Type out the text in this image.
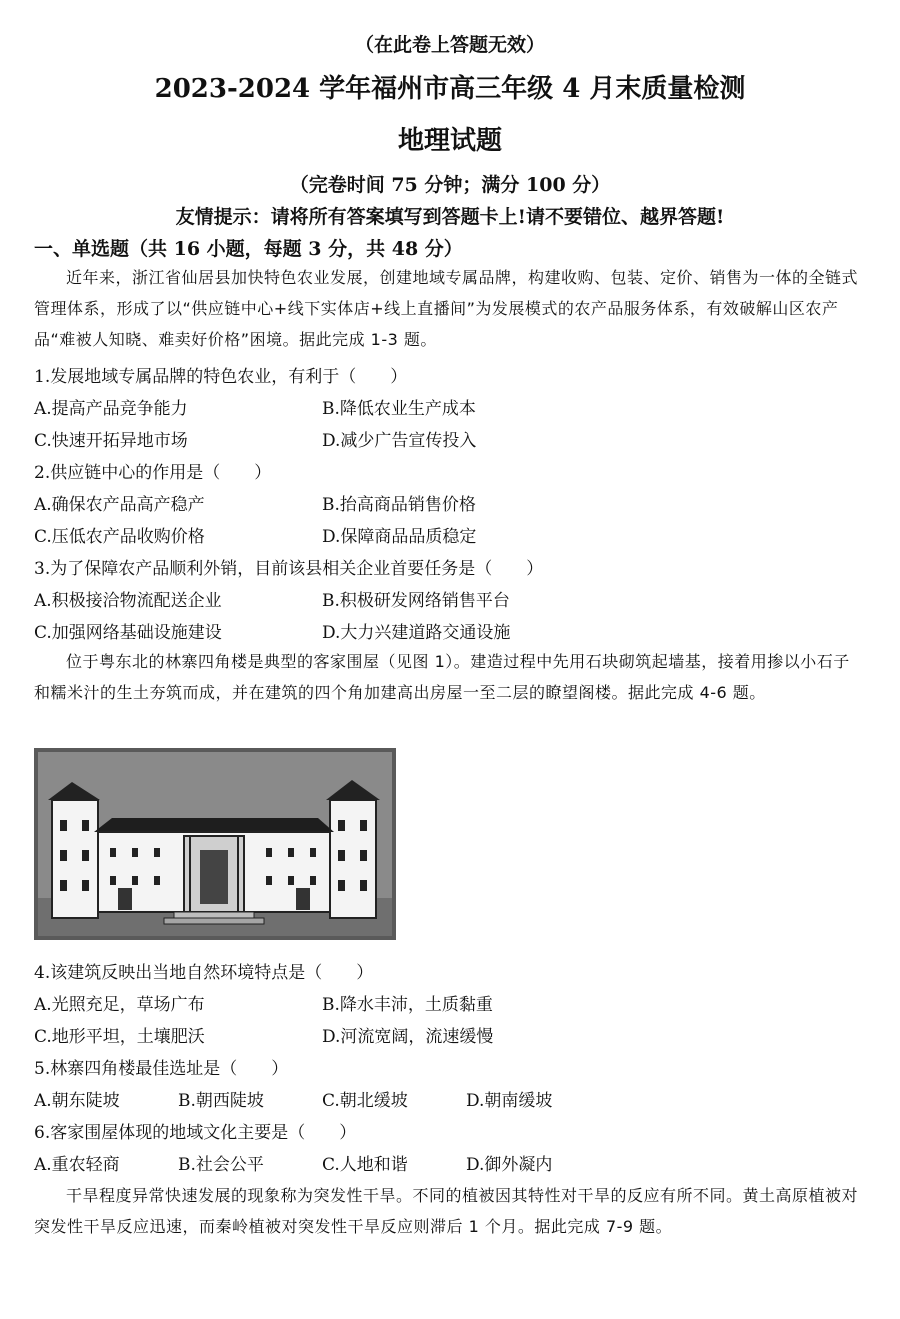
（在此卷上答题无效）
2023-2024 学年福州市高三年级 4 月末质量检测
地理试题
（完卷时间 75 分钟；满分 100 分）
友情提示：请将所有答案填写到答题卡上!请不要错位、越界答题!
一、单选题（共 16 小题，每题 3 分，共 48 分）
近年来，浙江省仙居县加快特色农业发展，创建地域专属品牌，构建收购、包装、定价、销售为一体的全链式管理体系，形成了以“供应链中心+线下实体店+线上直播间”为发展模式的农产品服务体系，有效破解山区农产品“难被人知晓、难卖好价格”困境。据此完成 1-3 题。
1.发展地域专属品牌的特色农业，有利于（　　）
A.提高产品竞争能力	B.降低农业生产成本
C.快速开拓异地市场	D.减少广告宣传投入
2.供应链中心的作用是（　　）
A.确保农产品高产稳产	B.抬高商品销售价格
C.压低农产品收购价格	D.保障商品品质稳定
3.为了保障农产品顺利外销，目前该县相关企业首要任务是（　　）
A.积极接洽物流配送企业	B.积极研发网络销售平台
C.加强网络基础设施建设	D.大力兴建道路交通设施
位于粤东北的林寨四角楼是典型的客家围屋（见图 1）。建造过程中先用石块砌筑起墙基，接着用掺以小石子和糯米汁的生土夯筑而成，并在建筑的四个角加建高出房屋一至二层的瞭望阁楼。据此完成 4-6 题。
4.该建筑反映出当地自然环境特点是（　　）
A.光照充足，草场广布	B.降水丰沛，土质黏重
C.地形平坦，土壤肥沃	D.河流宽阔，流速缓慢
5.林寨四角楼最佳选址是（　　）
A.朝东陡坡	B.朝西陡坡	C.朝北缓坡	D.朝南缓坡
6.客家围屋体现的地域文化主要是（　　）
A.重农轻商	B.社会公平	C.人地和谐	D.御外凝内
干旱程度异常快速发展的现象称为突发性干旱。不同的植被因其特性对干旱的反应有所不同。黄土高原植被对突发性干旱反应迅速，而秦岭植被对突发性干旱反应则滞后 1 个月。据此完成 7-9 题。
